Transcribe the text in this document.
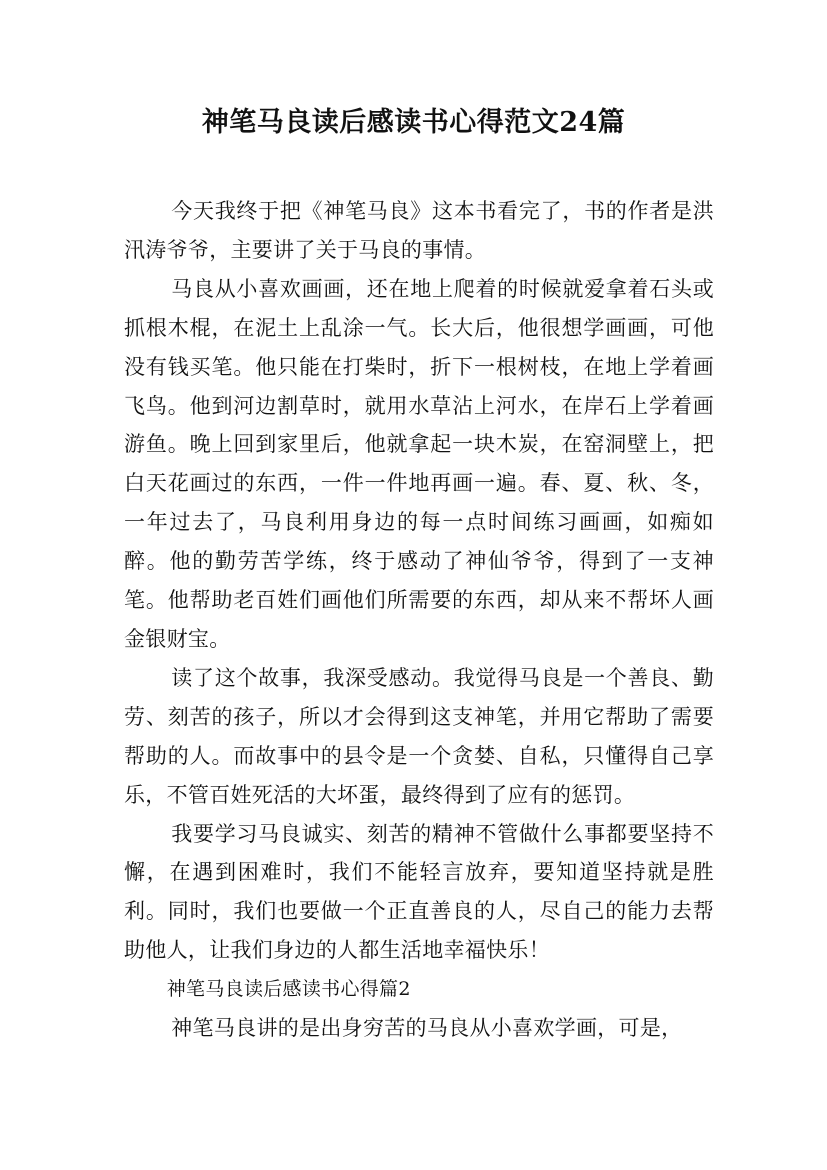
神笔马良读后感读书心得范文24篇

今天我终于把《神笔马良》这本书看完了，书的作者是洪汛涛爷爷，主要讲了关于马良的事情。

马良从小喜欢画画，还在地上爬着的时候就爱拿着石头或抓根木棍，在泥土上乱涂一气。长大后，他很想学画画，可他没有钱买笔。他只能在打柴时，折下一根树枝，在地上学着画飞鸟。他到河边割草时，就用水草沾上河水，在岸石上学着画游鱼。晚上回到家里后，他就拿起一块木炭，在窑洞壁上，把白天花画过的东西，一件一件地再画一遍。春、夏、秋、冬，一年过去了，马良利用身边的每一点时间练习画画，如痴如醉。他的勤劳苦学练，终于感动了神仙爷爷，得到了一支神笔。他帮助老百姓们画他们所需要的东西，却从来不帮坏人画金银财宝。

读了这个故事，我深受感动。我觉得马良是一个善良、勤劳、刻苦的孩子，所以才会得到这支神笔，并用它帮助了需要帮助的人。而故事中的县令是一个贪婪、自私，只懂得自己享乐，不管百姓死活的大坏蛋，最终得到了应有的惩罚。

我要学习马良诚实、刻苦的精神不管做什么事都要坚持不懈，在遇到困难时，我们不能轻言放弃，要知道坚持就是胜利。同时，我们也要做一个正直善良的人，尽自己的能力去帮助他人，让我们身边的人都生活地幸福快乐！

神笔马良读后感读书心得篇2

神笔马良讲的是出身穷苦的马良从小喜欢学画，可是，
